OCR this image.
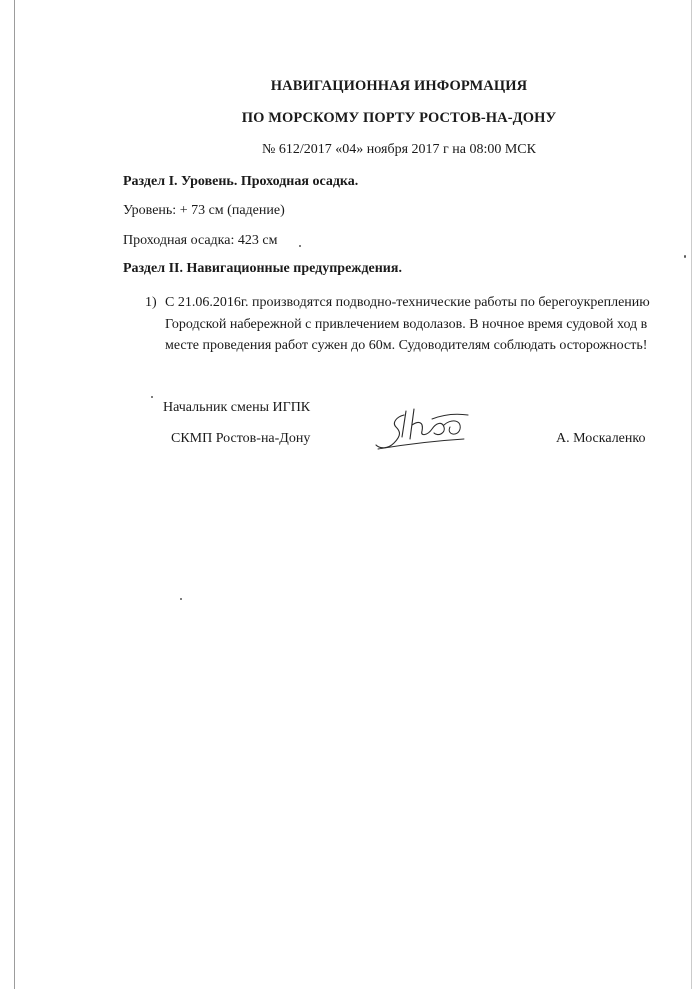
НАВИГАЦИОННАЯ ИНФОРМАЦИЯ

ПО МОРСКОМУ ПОРТУ РОСТОВ-НА-ДОНУ

№ 612/2017 «04» ноября 2017 г на 08:00 МСК

Раздел I. Уровень. Проходная осадка.

Уровень: + 73 см (падение)

Проходная осадка: 423 см

Раздел II. Навигационные предупреждения.

1) С 21.06.2016г. производятся подводно-технические работы по берегоукреплению Городской набережной с привлечением водолазов. В ночное время судовой ход в месте проведения работ сужен до 60м. Судоводителям соблюдать осторожность!

Начальник смены ИГПК

СКМП Ростов-на-Дону	А. Москаленко
